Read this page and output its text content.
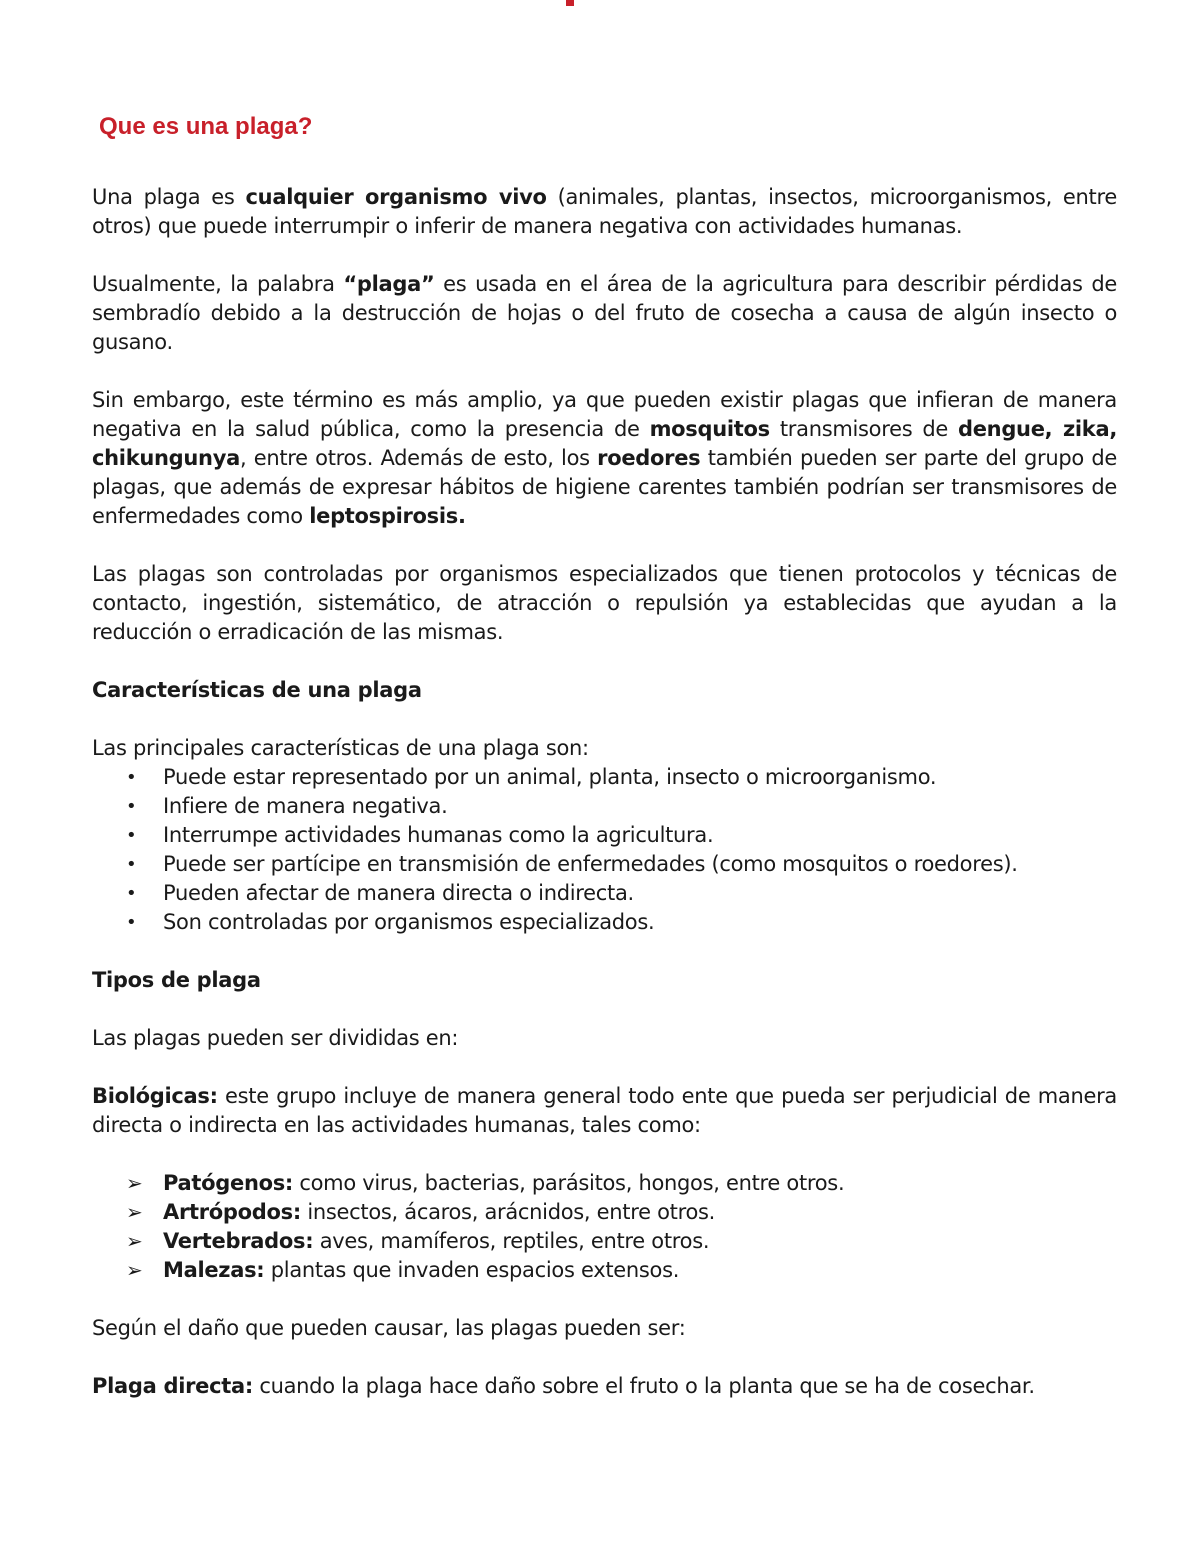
Que es una plaga?

Una plaga es cualquier organismo vivo (animales, plantas, insectos, microorganismos, entre otros) que puede interrumpir o inferir de manera negativa con actividades humanas.

Usualmente, la palabra “plaga” es usada en el área de la agricultura para describir pérdidas de sembradío debido a la destrucción de hojas o del fruto de cosecha a causa de algún insecto o gusano.

Sin embargo, este término es más amplio, ya que pueden existir plagas que infieran de manera negativa en la salud pública, como la presencia de mosquitos transmisores de dengue, zika, chikungunya, entre otros. Además de esto, los roedores también pueden ser parte del grupo de plagas, que además de expresar hábitos de higiene carentes también podrían ser transmisores de enfermedades como leptospirosis.

Las plagas son controladas por organismos especializados que tienen protocolos y técnicas de contacto, ingestión, sistemático, de atracción o repulsión ya establecidas que ayudan a la reducción o erradicación de las mismas.

Características de una plaga

Las principales características de una plaga son:

• Puede estar representado por un animal, planta, insecto o microorganismo.
• Infiere de manera negativa.
• Interrumpe actividades humanas como la agricultura.
• Puede ser partícipe en transmisión de enfermedades (como mosquitos o roedores).
• Pueden afectar de manera directa o indirecta.
• Son controladas por organismos especializados.

Tipos de plaga

Las plagas pueden ser divididas en:

Biológicas: este grupo incluye de manera general todo ente que pueda ser perjudicial de manera directa o indirecta en las actividades humanas, tales como:

➢ Patógenos: como virus, bacterias, parásitos, hongos, entre otros.
➢ Artrópodos: insectos, ácaros, arácnidos, entre otros.
➢ Vertebrados: aves, mamíferos, reptiles, entre otros.
➢ Malezas: plantas que invaden espacios extensos.

Según el daño que pueden causar, las plagas pueden ser:

Plaga directa: cuando la plaga hace daño sobre el fruto o la planta que se ha de cosechar.
